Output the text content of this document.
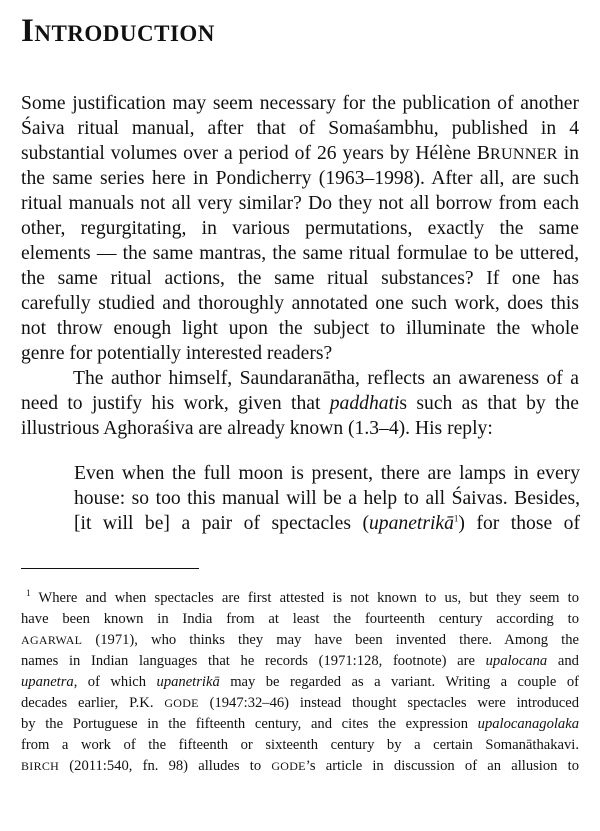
INTRODUCTION
Some justification may seem necessary for the publication of another
Śaiva ritual manual, after that of Somaśambhu, published in 4
substantial volumes over a period of 26 years by Hélène BRUNNER in
the same series here in Pondicherry (1963–1998). After all, are such
ritual manuals not all very similar? Do they not all borrow from each
other, regurgitating, in various permutations, exactly the same
elements — the same mantras, the same ritual formulae to be uttered,
the same ritual actions, the same ritual substances? If one has
carefully studied and thoroughly annotated one such work, does this
not throw enough light upon the subject to illuminate the whole
genre for potentially interested readers?
The author himself, Saundaranātha, reflects an awareness of a
need to justify his work, given that paddhatis such as that by the
illustrious Aghoraśiva are already known (1.3–4). His reply:
Even when the full moon is present, there are lamps in every
house: so too this manual will be a help to all Śaivas. Besides,
[it will be] a pair of spectacles (upanetrikā$^1$) for those of
$^1$ Where and when spectacles are first attested is not known to us, but they seem to
have been known in India from at least the fourteenth century according to
AGARWAL (1971), who thinks they may have been invented there. Among the
names in Indian languages that he records (1971:128, footnote) are upalocana and
upanetra, of which upanetrikā may be regarded as a variant. Writing a couple of
decades earlier, P.K. GODE (1947:32–46) instead thought spectacles were introduced
by the Portuguese in the fifteenth century, and cites the expression upalocanagolaka
from a work of the fifteenth or sixteenth century by a certain Somanāthakavi.
BIRCH (2011:540, fn. 98) alludes to GODE’s article in discussion of an allusion to
